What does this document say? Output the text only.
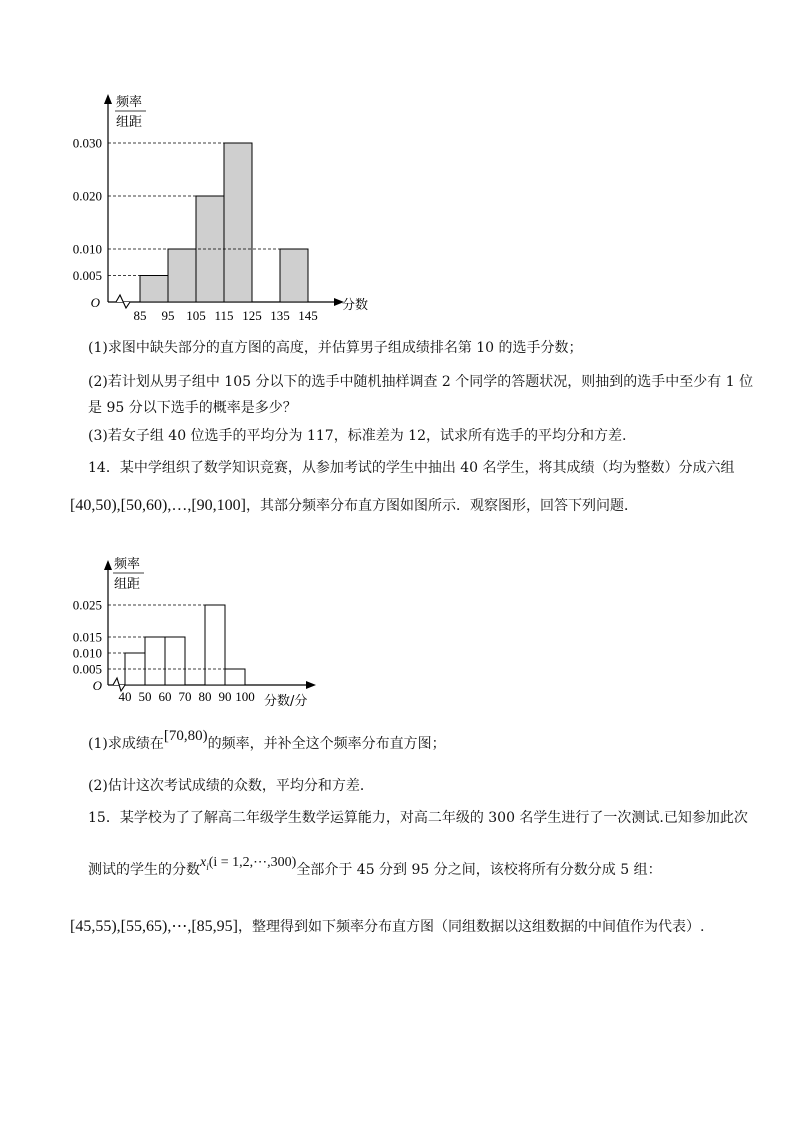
频率
组距
O	分数
0.030
0.020
0.010
0.005
85 95 105 115 125 135 145
(1)求图中缺失部分的直方图的高度，并估算男子组成绩排名第 10 的选手分数；
(2)若计划从男子组中 105 分以下的选手中随机抽样调查 2 个同学的答题状况，则抽到的选手中至少有 1 位
是 95 分以下选手的概率是多少？
(3)若女子组 40 位选手的平均分为 117，标准差为 12，试求所有选手的平均分和方差.
14．某中学组织了数学知识竞赛，从参加考试的学生中抽出 40 名学生，将其成绩（均为整数）分成六组
[40,50),[50,60),…,[90,100]，其部分频率分布直方图如图所示．观察图形，回答下列问题．
频率
组距
O
分数/分
0.025
0.015
0.010
0.005
40 50 60 70 80 90 100
(1)求成绩在[70,80)的频率，并补全这个频率分布直方图；
(2)估计这次考试成绩的众数，平均分和方差．
15．某学校为了了解高二年级学生数学运算能力，对高二年级的 300 名学生进行了一次测试.已知参加此次
测试的学生的分数$x_i(i$ = 1,2,⋯,300)全部介于 45 分到 95 分之间，该校将所有分数分成 5 组：
[45,55),[55,65),⋯,[85,95]，整理得到如下频率分布直方图（同组数据以这组数据的中间值作为代表）.
